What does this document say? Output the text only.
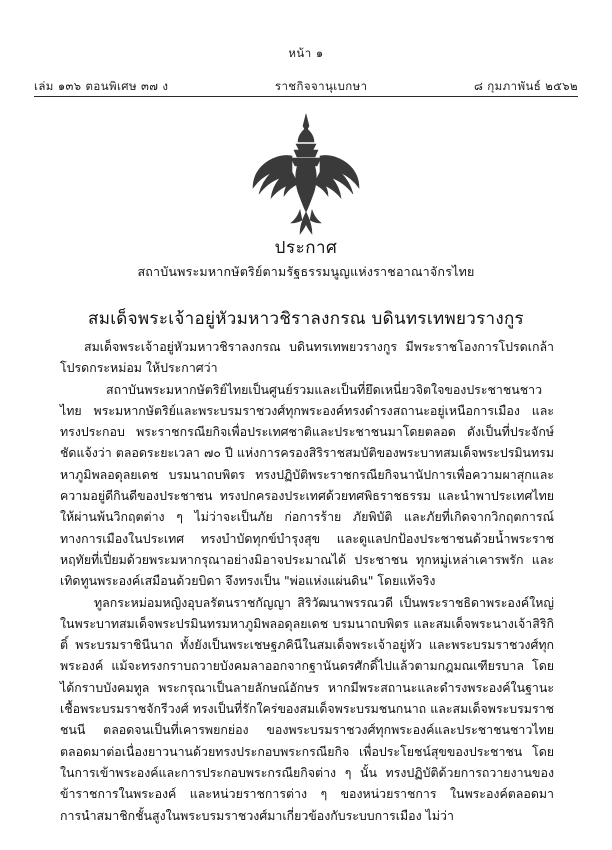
หน้า ๑
เล่ม ๑๓๖ ตอนพิเศษ ๓๗ ง	ราชกิจจานุเบกษา	๘ กุมภาพันธ์ ๒๕๖๒
ประกาศ
สถาบันพระมหากษัตริย์ตามรัฐธรรมนูญแห่งราชอาณาจักรไทย
สมเด็จพระเจ้าอยู่หัวมหาวชิราลงกรณ บดินทรเทพยวรางกูร

สมเด็จพระเจ้าอยู่หัวมหาวชิราลงกรณ บดินทรเทพยวรางกูร มีพระราชโองการโปรดเกล้าโปรดกระหม่อม ให้ประกาศว่า

สถาบันพระมหากษัตริย์ไทยเป็นศูนย์รวมและเป็นที่ยึดเหนี่ยวจิตใจของประชาชนชาวไทย พระมหากษัตริย์และพระบรมราชวงศ์ทุกพระองค์ทรงดำรงสถานะอยู่เหนือการเมือง และทรงประกอบ พระราชกรณียกิจเพื่อประเทศชาติและประชาชนมาโดยตลอด ดังเป็นที่ประจักษ์ชัดแจ้งว่า ตลอดระยะเวลา ๗๐ ปี แห่งการครองสิริราชสมบัติของพระบาทสมเด็จพระปรมินทรมหาภูมิพลอดุลยเดช บรมนาถบพิตร ทรงปฏิบัติพระราชกรณียกิจนานัปการเพื่อความผาสุกและความอยู่ดีกินดีของประชาชน ทรงปกครองประเทศด้วยทศพิธราชธรรม และนำพาประเทศไทยให้ผ่านพ้นวิกฤตต่าง ๆ ไม่ว่าจะเป็นภัย ก่อการร้าย ภัยพิบัติ และภัยที่เกิดจากวิกฤตการณ์ทางการเมืองในประเทศ ทรงบำบัดทุกข์บำรุงสุข และดูแลปกป้องประชาชนด้วยน้ำพระราชหฤทัยที่เปี่ยมด้วยพระมหากรุณาอย่างมิอาจประมาณได้ ประชาชน ทุกหมู่เหล่าเคารพรัก และเทิดทูนพระองค์เสมือนด้วยบิดา จึงทรงเป็น "พ่อแห่งแผ่นดิน" โดยแท้จริง

ทูลกระหม่อมหญิงอุบลรัตนราชกัญญา สิริวัฒนาพรรณวดี เป็นพระราชธิดาพระองค์ใหญ่ ในพระบาทสมเด็จพระปรมินทรมหาภูมิพลอดุลยเดช บรมนาถบพิตร และสมเด็จพระนางเจ้าสิริกิติ์ พระบรมราชินีนาถ ทั้งยังเป็นพระเชษฐภคินีในสมเด็จพระเจ้าอยู่หัว และพระบรมราชวงศ์ทุกพระองค์ แม้จะทรงกราบถวายบังคมลาออกจากฐานันดรศักดิ์ไปแล้วตามกฎมณเฑียรบาล โดยได้กราบบังคมทูล พระกรุณาเป็นลายลักษณ์อักษร หากมีพระสถานะและดำรงพระองค์ในฐานะเชื้อพระบรมราชจักรีวงศ์ ทรงเป็นที่รักใคร่ของสมเด็จพระบรมชนกนาถ และสมเด็จพระบรมราชชนนี ตลอดจนเป็นที่เคารพยกย่อง ของพระบรมราชวงศ์ทุกพระองค์และประชาชนชาวไทยตลอดมาต่อเนื่องยาวนานด้วยทรงประกอบพระกรณียกิจ เพื่อประโยชน์สุขของประชาชน โดยในการเข้าพระองค์และการประกอบพระกรณียกิจต่าง ๆ นั้น ทรงปฏิบัติด้วยการถวายงานของข้าราชการในพระองค์ และหน่วยราชการต่าง ๆ ของหน่วยราชการ ในพระองค์ตลอดมา การนำสมาชิกชั้นสูงในพระบรมราชวงศ์มาเกี่ยวข้องกับระบบการเมือง ไม่ว่า
